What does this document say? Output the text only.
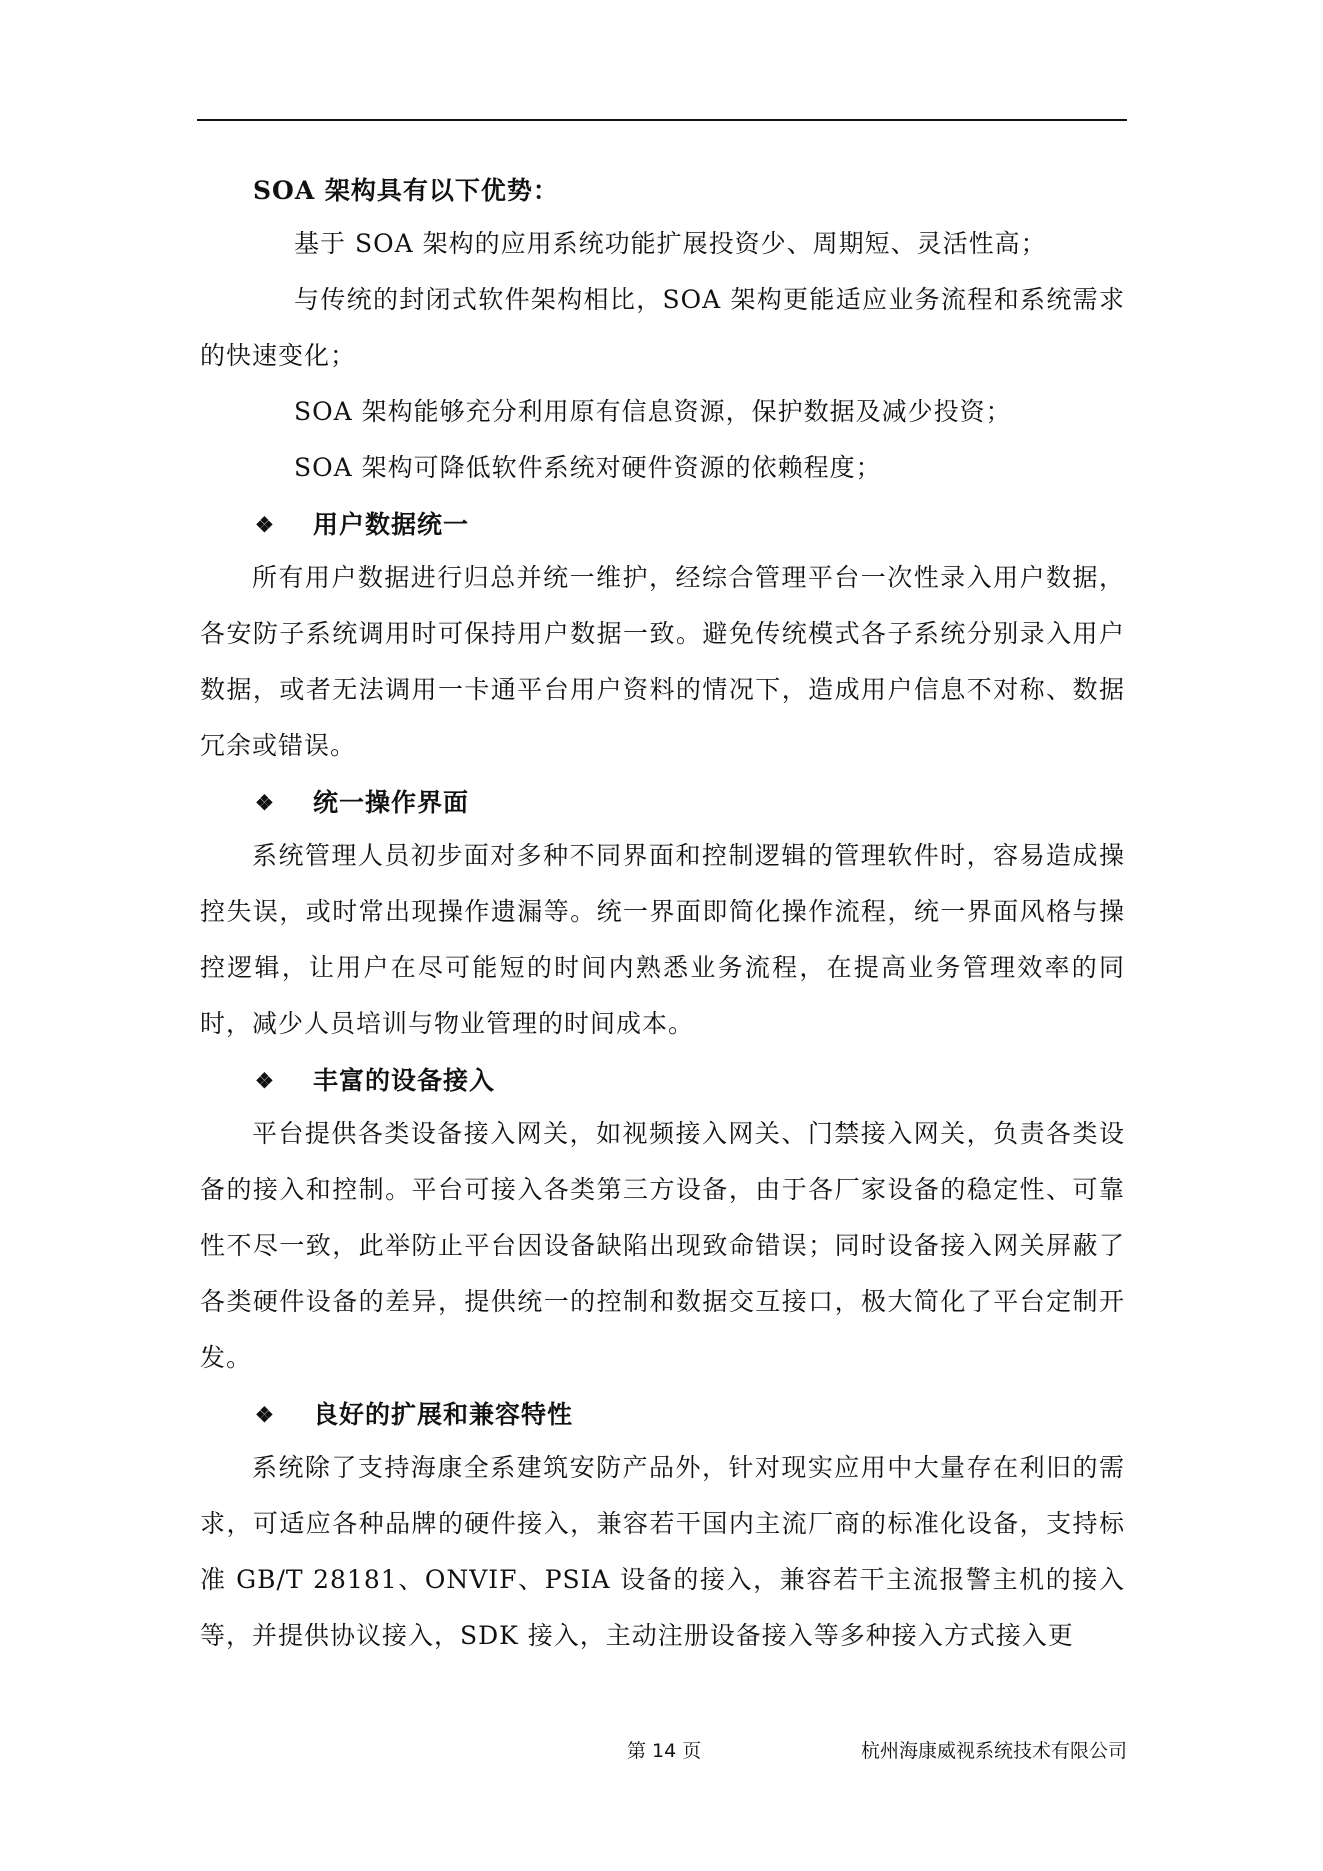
SOA 架构具有以下优势：

基于 SOA 架构的应用系统功能扩展投资少、周期短、灵活性高；

与传统的封闭式软件架构相比，SOA 架构更能适应业务流程和系统需求的快速变化；

SOA 架构能够充分利用原有信息资源，保护数据及减少投资；

SOA 架构可降低软件系统对硬件资源的依赖程度；

❖	用户数据统一

所有用户数据进行归总并统一维护，经综合管理平台一次性录入用户数据，各安防子系统调用时可保持用户数据一致。避免传统模式各子系统分别录入用户数据，或者无法调用一卡通平台用户资料的情况下，造成用户信息不对称、数据冗余或错误。

❖	统一操作界面

系统管理人员初步面对多种不同界面和控制逻辑的管理软件时，容易造成操控失误，或时常出现操作遗漏等。统一界面即简化操作流程，统一界面风格与操控逻辑，让用户在尽可能短的时间内熟悉业务流程，在提高业务管理效率的同时，减少人员培训与物业管理的时间成本。

❖	丰富的设备接入

平台提供各类设备接入网关，如视频接入网关、门禁接入网关，负责各类设备的接入和控制。平台可接入各类第三方设备，由于各厂家设备的稳定性、可靠性不尽一致，此举防止平台因设备缺陷出现致命错误；同时设备接入网关屏蔽了各类硬件设备的差异，提供统一的控制和数据交互接口，极大简化了平台定制开发。

❖	良好的扩展和兼容特性

系统除了支持海康全系建筑安防产品外，针对现实应用中大量存在利旧的需求，可适应各种品牌的硬件接入，兼容若干国内主流厂商的标准化设备，支持标准 GB/T 28181、ONVIF、PSIA 设备的接入，兼容若干主流报警主机的接入等，并提供协议接入，SDK 接入，主动注册设备接入等多种接入方式接入更

第 14 页	杭州海康威视系统技术有限公司
